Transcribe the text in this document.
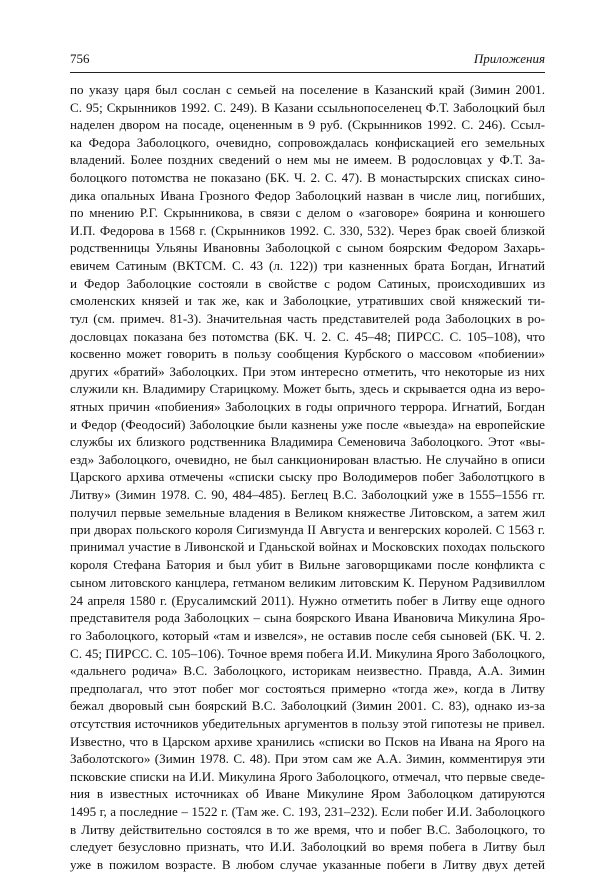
756	Приложения
по указу царя был сослан с семьей на поселение в Казанский край (Зимин 2001.
С. 95; Скрынников 1992. С. 249). В Казани ссыльнопоселенец Ф.Т. Заболоцкий был
наделен двором на посаде, оцененным в 9 руб. (Скрынников 1992. С. 246). Ссыл-
ка Федора Заболоцкого, очевидно, сопровождалась конфискацией его земельных
владений. Более поздних сведений о нем мы не имеем. В родословцах у Ф.Т. За-
болоцкого потомства не показано (БК. Ч. 2. С. 47). В монастырских списках сино-
дика опальных Ивана Грозного Федор Заболоцкий назван в числе лиц, погибших,
по мнению Р.Г. Скрынникова, в связи с делом о «заговоре» боярина и конюшего
И.П. Федорова в 1568 г. (Скрынников 1992. С. 330, 532). Через брак своей близкой
родственницы Ульяны Ивановны Заболоцкой с сыном боярским Федором Захарь-
евичем Сатиным (ВКТСМ. С. 43 (л. 122)) три казненных брата Богдан, Игнатий
и Федор Заболоцкие состояли в свойстве с родом Сатиных, происходивших из
смоленских князей и так же, как и Заболоцкие, утративших свой княжеский ти-
тул (см. примеч. 81-3). Значительная часть представителей рода Заболоцких в ро-
дословцах показана без потомства (БК. Ч. 2. С. 45–48; ПИРСС. С. 105–108), что
косвенно может говорить в пользу сообщения Курбского о массовом «побиении»
других «братий» Заболоцких. При этом интересно отметить, что некоторые из них
служили кн. Владимиру Старицкому. Может быть, здесь и скрывается одна из веро-
ятных причин «побиения» Заболоцких в годы опричного террора. Игнатий, Богдан
и Федор (Феодосий) Заболоцкие были казнены уже после «выезда» на европейские
службы их близкого родственника Владимира Семеновича Заболоцкого. Этот «вы-
езд» Заболоцкого, очевидно, не был санкционирован властью. Не случайно в описи
Царского архива отмечены «списки сыску про Володимеров побег Заболотцкого в
Литву» (Зимин 1978. С. 90, 484–485). Беглец В.С. Заболоцкий уже в 1555–1556 гг.
получил первые земельные владения в Великом княжестве Литовском, а затем жил
при дворах польского короля Сигизмунда II Августа и венгерских королей. С 1563 г.
принимал участие в Ливонской и Гданьской войнах и Московских походах польского
короля Стефана Батория и был убит в Вильне заговорщиками после конфликта с
сыном литовского канцлера, гетманом великим литовским К. Перуном Радзивиллом
24 апреля 1580 г. (Ерусалимский 2011). Нужно отметить побег в Литву еще одного
представителя рода Заболоцких – сына боярского Ивана Ивановича Микулина Яро-
го Заболоцкого, который «там и извелся», не оставив после себя сыновей (БК. Ч. 2.
С. 45; ПИРСС. С. 105–106). Точное время побега И.И. Микулина Ярого Заболоцкого,
«дальнего родича» В.С. Заболоцкого, историкам неизвестно. Правда, А.А. Зимин
предполагал, что этот побег мог состояться примерно «тогда же», когда в Литву
бежал дворовый сын боярский В.С. Заболоцкий (Зимин 2001. С. 83), однако из-за
отсутствия источников убедительных аргументов в пользу этой гипотезы не привел.
Известно, что в Царском архиве хранились «списки во Псков на Ивана на Ярого на
Заболотского» (Зимин 1978. С. 48). При этом сам же А.А. Зимин, комментируя эти
псковские списки на И.И. Микулина Ярого Заболоцкого, отмечал, что первые сведе-
ния в известных источниках об Иване Микулине Яром Заболоцком датируются
1495 г, а последние – 1522 г. (Там же. С. 193, 231–232). Если побег И.И. Заболоцкого
в Литву действительно состоялся в то же время, что и побег В.С. Заболоцкого, то
следует безусловно признать, что И.И. Заболоцкий во время побега в Литву был
уже в пожилом возрасте. В любом случае указанные побеги в Литву двух детей
